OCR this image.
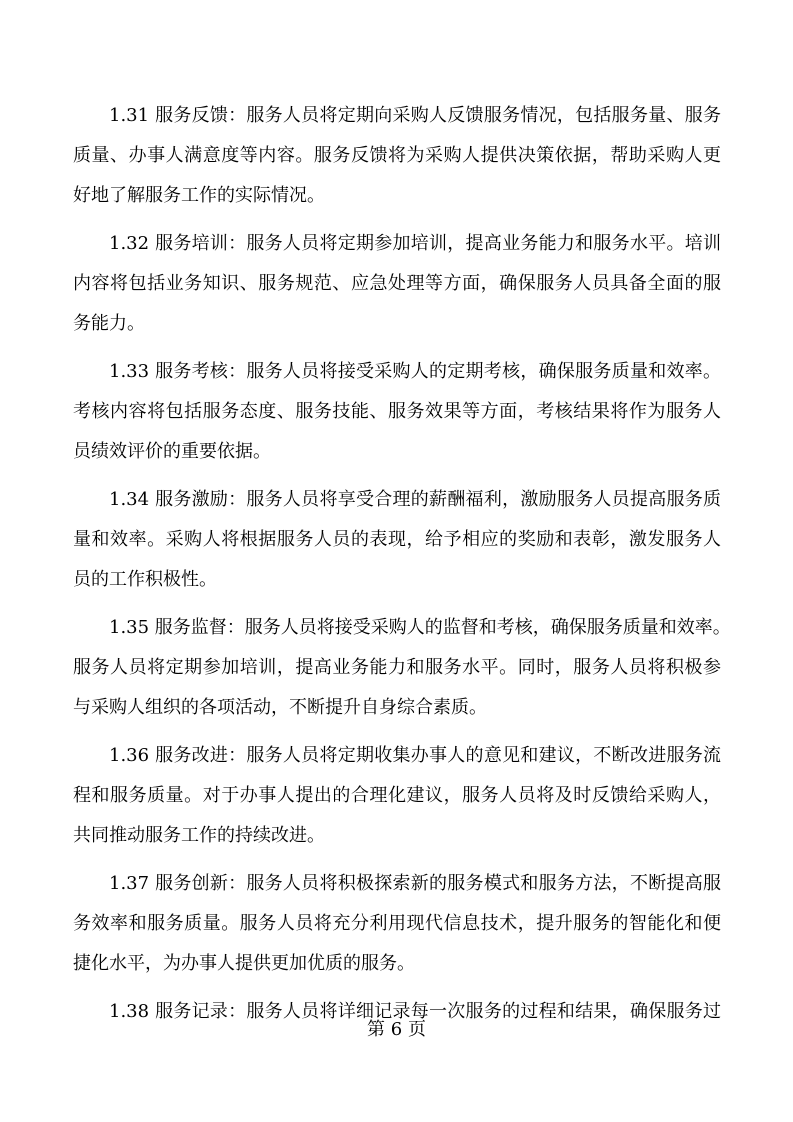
1.31 服务反馈：服务人员将定期向采购人反馈服务情况，包括服务量、服务
质量、办事人满意度等内容。服务反馈将为采购人提供决策依据，帮助采购人更
好地了解服务工作的实际情况。
1.32 服务培训：服务人员将定期参加培训，提高业务能力和服务水平。培训
内容将包括业务知识、服务规范、应急处理等方面，确保服务人员具备全面的服
务能力。
1.33 服务考核：服务人员将接受采购人的定期考核，确保服务质量和效率。
考核内容将包括服务态度、服务技能、服务效果等方面，考核结果将作为服务人
员绩效评价的重要依据。
1.34 服务激励：服务人员将享受合理的薪酬福利，激励服务人员提高服务质
量和效率。采购人将根据服务人员的表现，给予相应的奖励和表彰，激发服务人
员的工作积极性。
1.35 服务监督：服务人员将接受采购人的监督和考核，确保服务质量和效率。
服务人员将定期参加培训，提高业务能力和服务水平。同时，服务人员将积极参
与采购人组织的各项活动，不断提升自身综合素质。
1.36 服务改进：服务人员将定期收集办事人的意见和建议，不断改进服务流
程和服务质量。对于办事人提出的合理化建议，服务人员将及时反馈给采购人，
共同推动服务工作的持续改进。
1.37 服务创新：服务人员将积极探索新的服务模式和服务方法，不断提高服
务效率和服务质量。服务人员将充分利用现代信息技术，提升服务的智能化和便
捷化水平，为办事人提供更加优质的服务。
1.38 服务记录：服务人员将详细记录每一次服务的过程和结果，确保服务过
第 6 页
